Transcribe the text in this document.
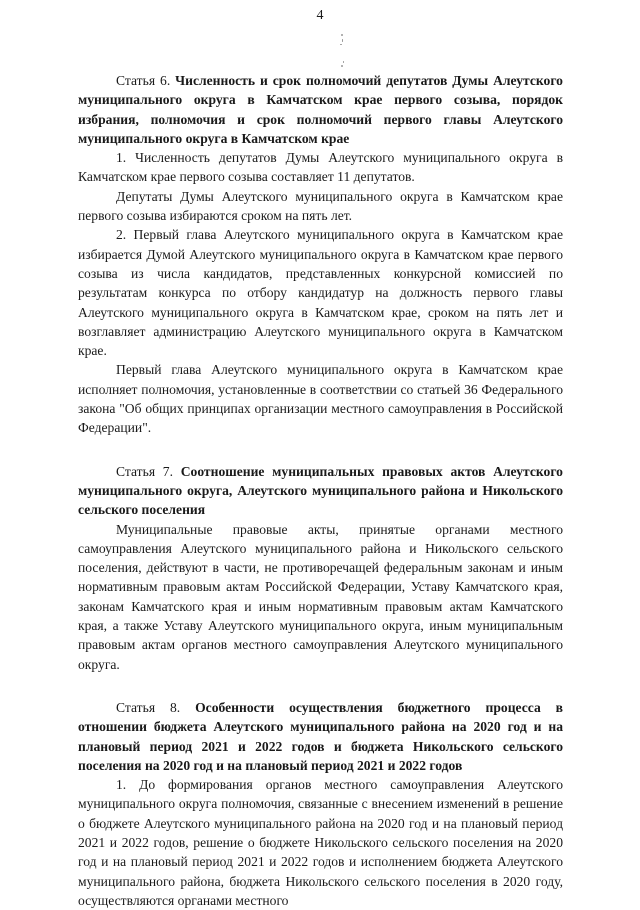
4

Статья 6. Численность и срок полномочий депутатов Думы Алеутского муниципального округа в Камчатском крае первого созыва, порядок избрания, полномочия и срок полномочий первого главы Алеутского муниципального округа в Камчатском крае

1. Численность депутатов Думы Алеутского муниципального округа в Камчатском крае первого созыва составляет 11 депутатов.

Депутаты Думы Алеутского муниципального округа в Камчатском крае первого созыва избираются сроком на пять лет.

2. Первый глава Алеутского муниципального округа в Камчатском крае избирается Думой Алеутского муниципального округа в Камчатском крае первого созыва из числа кандидатов, представленных конкурсной комиссией по результатам конкурса по отбору кандидатур на должность первого главы Алеутского муниципального округа в Камчатском крае, сроком на пять лет и возглавляет администрацию Алеутского муниципального округа в Камчатском крае.

Первый глава Алеутского муниципального округа в Камчатском крае исполняет полномочия, установленные в соответствии со статьей 36 Федерального закона "Об общих принципах организации местного самоуправления в Российской Федерации".

Статья 7. Соотношение муниципальных правовых актов Алеутского муниципального округа, Алеутского муниципального района и Никольского сельского поселения

Муниципальные правовые акты, принятые органами местного самоуправления Алеутского муниципального района и Никольского сельского поселения, действуют в части, не противоречащей федеральным законам и иным нормативным правовым актам Российской Федерации, Уставу Камчатского края, законам Камчатского края и иным нормативным правовым актам Камчатского края, а также Уставу Алеутского муниципального округа, иным муниципальным правовым актам органов местного самоуправления Алеутского муниципального округа.

Статья 8. Особенности осуществления бюджетного процесса в отношении бюджета Алеутского муниципального района на 2020 год и на плановый период 2021 и 2022 годов и бюджета Никольского сельского поселения на 2020 год и на плановый период 2021 и 2022 годов

1. До формирования органов местного самоуправления Алеутского муниципального округа полномочия, связанные с внесением изменений в решение о бюджете Алеутского муниципального района на 2020 год и на плановый период 2021 и 2022 годов, решение о бюджете Никольского сельского поселения на 2020 год и на плановый период 2021 и 2022 годов и исполнением бюджета Алеутского муниципального района, бюджета Никольского сельского поселения в 2020 году, осуществляются органами местного
